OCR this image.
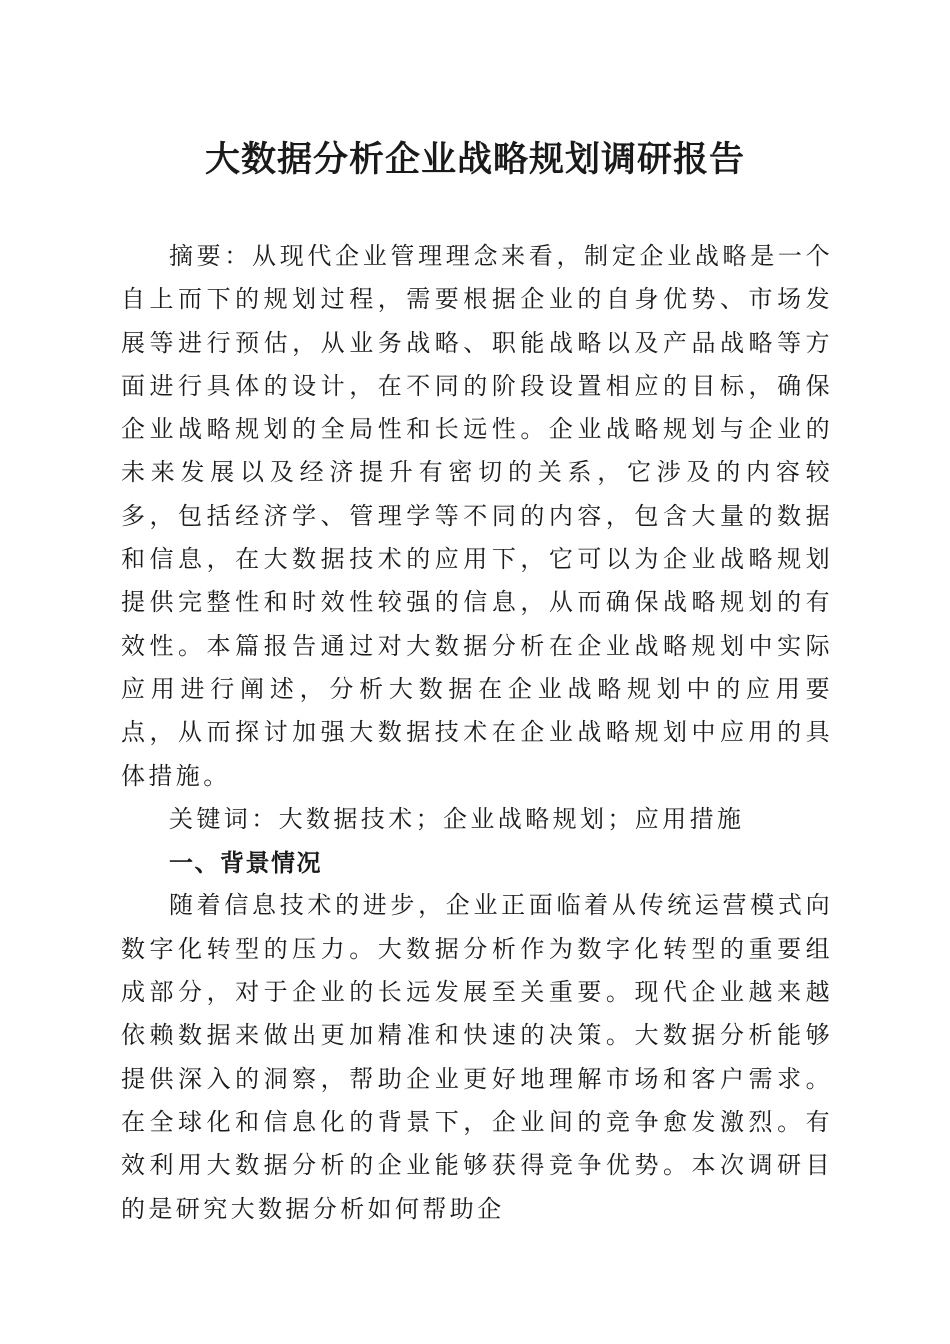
大数据分析企业战略规划调研报告

摘要：从现代企业管理理念来看，制定企业战略是一个自上而下的规划过程，需要根据企业的自身优势、市场发展等进行预估，从业务战略、职能战略以及产品战略等方面进行具体的设计，在不同的阶段设置相应的目标，确保企业战略规划的全局性和长远性。企业战略规划与企业的未来发展以及经济提升有密切的关系，它涉及的内容较多，包括经济学、管理学等不同的内容，包含大量的数据和信息，在大数据技术的应用下，它可以为企业战略规划提供完整性和时效性较强的信息，从而确保战略规划的有效性。本篇报告通过对大数据分析在企业战略规划中实际应用进行阐述，分析大数据在企业战略规划中的应用要点，从而探讨加强大数据技术在企业战略规划中应用的具体措施。

关键词：大数据技术；企业战略规划；应用措施

一、背景情况

随着信息技术的进步，企业正面临着从传统运营模式向数字化转型的压力。大数据分析作为数字化转型的重要组成部分，对于企业的长远发展至关重要。现代企业越来越依赖数据来做出更加精准和快速的决策。大数据分析能够提供深入的洞察，帮助企业更好地理解市场和客户需求。在全球化和信息化的背景下，企业间的竞争愈发激烈。有效利用大数据分析的企业能够获得竞争优势。本次调研目的是研究大数据分析如何帮助企
